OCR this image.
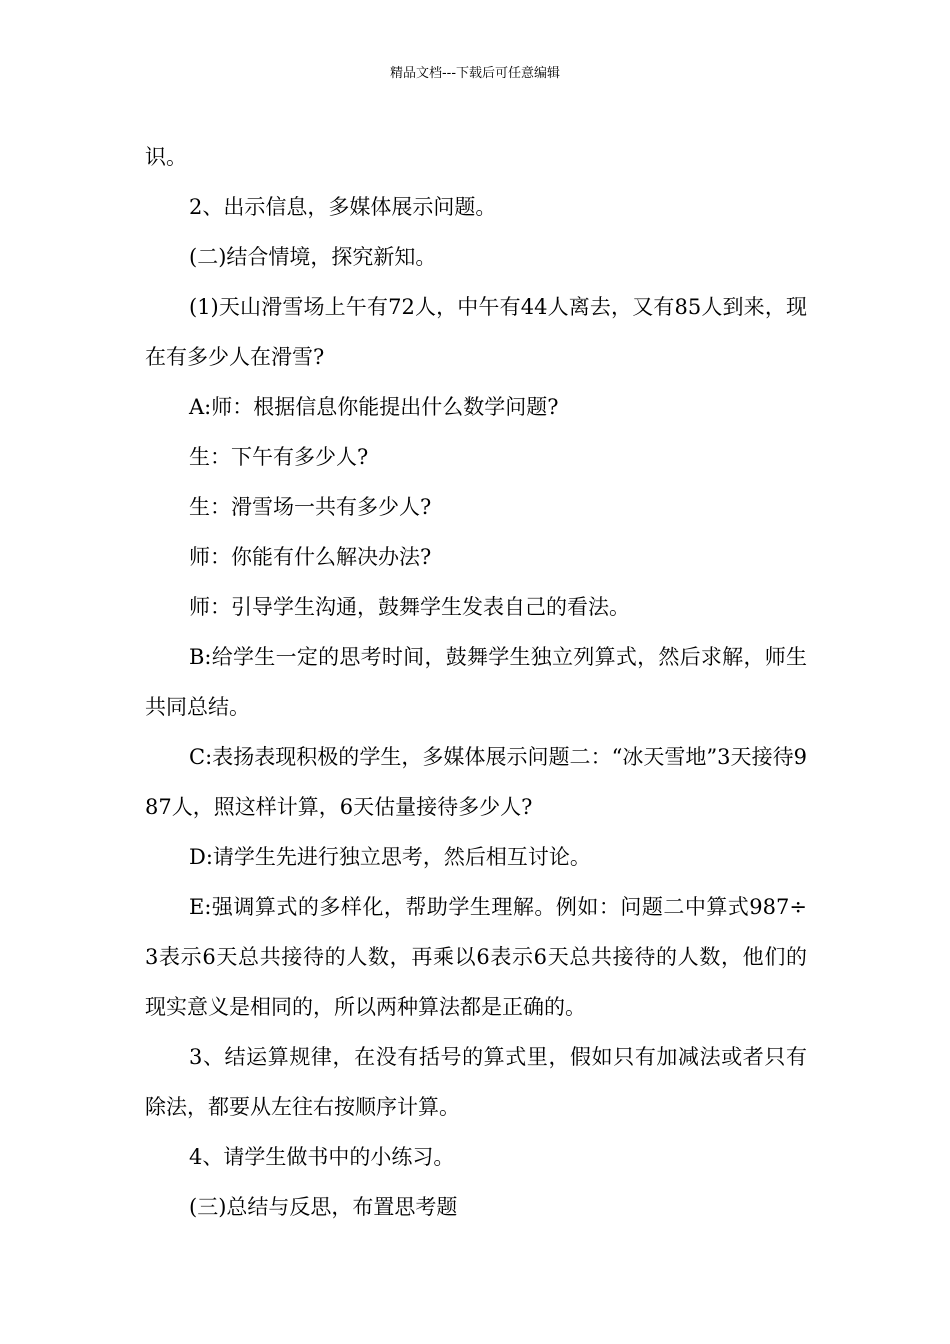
精品文档---下载后可任意编辑

识。

2、出示信息，多媒体展示问题。

(二)结合情境，探究新知。

(1)天山滑雪场上午有72人，中午有44人离去，又有85人到来，现在有多少人在滑雪?

A:师：根据信息你能提出什么数学问题?

生：下午有多少人?

生：滑雪场一共有多少人?

师：你能有什么解决办法?

师：引导学生沟通，鼓舞学生发表自己的看法。

B:给学生一定的思考时间，鼓舞学生独立列算式，然后求解，师生共同总结。

C:表扬表现积极的学生，多媒体展示问题二：“冰天雪地”3天接待987人，照这样计算，6天估量接待多少人?

D:请学生先进行独立思考，然后相互讨论。

E:强调算式的多样化，帮助学生理解。例如：问题二中算式987÷3表示6天总共接待的人数，再乘以6表示6天总共接待的人数，他们的现实意义是相同的，所以两种算法都是正确的。

3、结运算规律，在没有括号的算式里，假如只有加减法或者只有除法，都要从左往右按顺序计算。

4、请学生做书中的小练习。

(三)总结与反思，布置思考题
